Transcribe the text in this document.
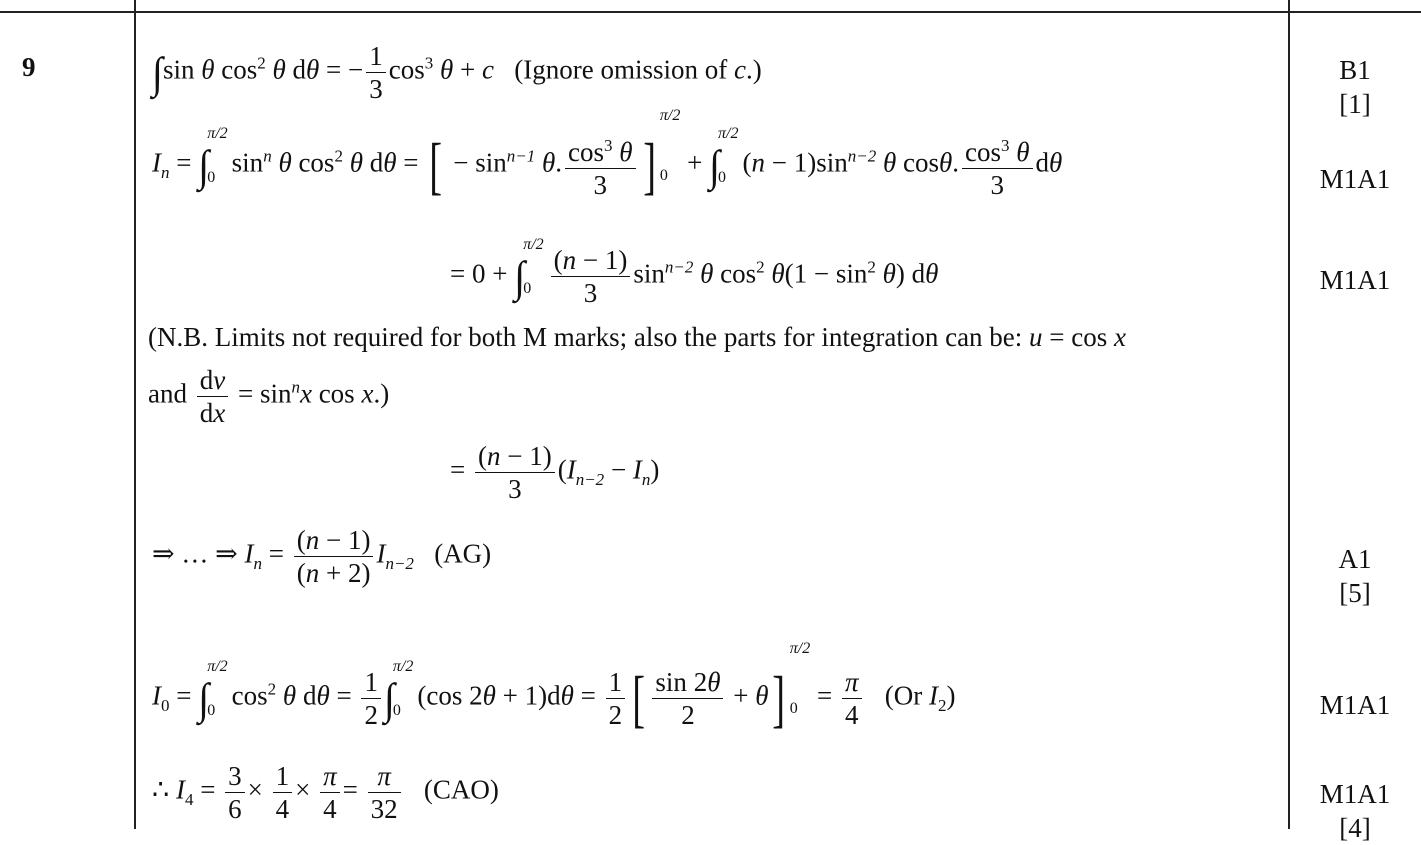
9	∫sin θ $\cos^2 \theta$ dθ = − $\frac{1}{3} \cos^3 \theta + c$ (Ignore omission of c.)
$I_n$ = ∫
π/2
0 $\sin^n \theta$ $\cos^2 \theta$ dθ = [ − $\sin^{n-1} \theta$. $\frac{\cos^3 \theta}{3}$ ]
π/2
0 + ∫
π/2
0 $(n - 1)\sin^{n-2}$ θ cosθ. $\frac{\cos^3 \theta}{3}$ dθ
= 0 + ∫
π/2
$0 \frac{(n - 1)}{3} \sin^{n-2} \theta$ $\cos^2 \theta(1 - \sin^2 \theta)$ dθ
(N.B. Limits not required for both M marks; also the parts for integration can be: u = cos x
and $\frac{dv}{dx} = \sin^nx$ cos x.)
= $\frac{(n - 1)}{3} (I_{n-2} - I_n)$
⇒ … ⇒ $I_n = \frac{(n - 1)}{(n + 2)} I_{n-2}$ (AG)
$I_0$ = ∫
π/2
0 $\cos^2 \theta$ $d\theta = \frac{1}{2}$ ∫
π/2
0 (cos $2\theta + 1)d\theta = \frac{1}{2}$ [ $\frac{\sin 2\theta}{2} + \theta$]
π/2
$0 = \frac{\pi}{4} (Or$ $I_2$)
∴ $I_4 = \frac{3}{6} \times \frac{1}{4} \times \frac{\pi}{4} = \frac{\pi}{32} (CAO)$
B1
[1]
M1A1
M1A1
A1
[5]
M1A1
M1A1
[4]
